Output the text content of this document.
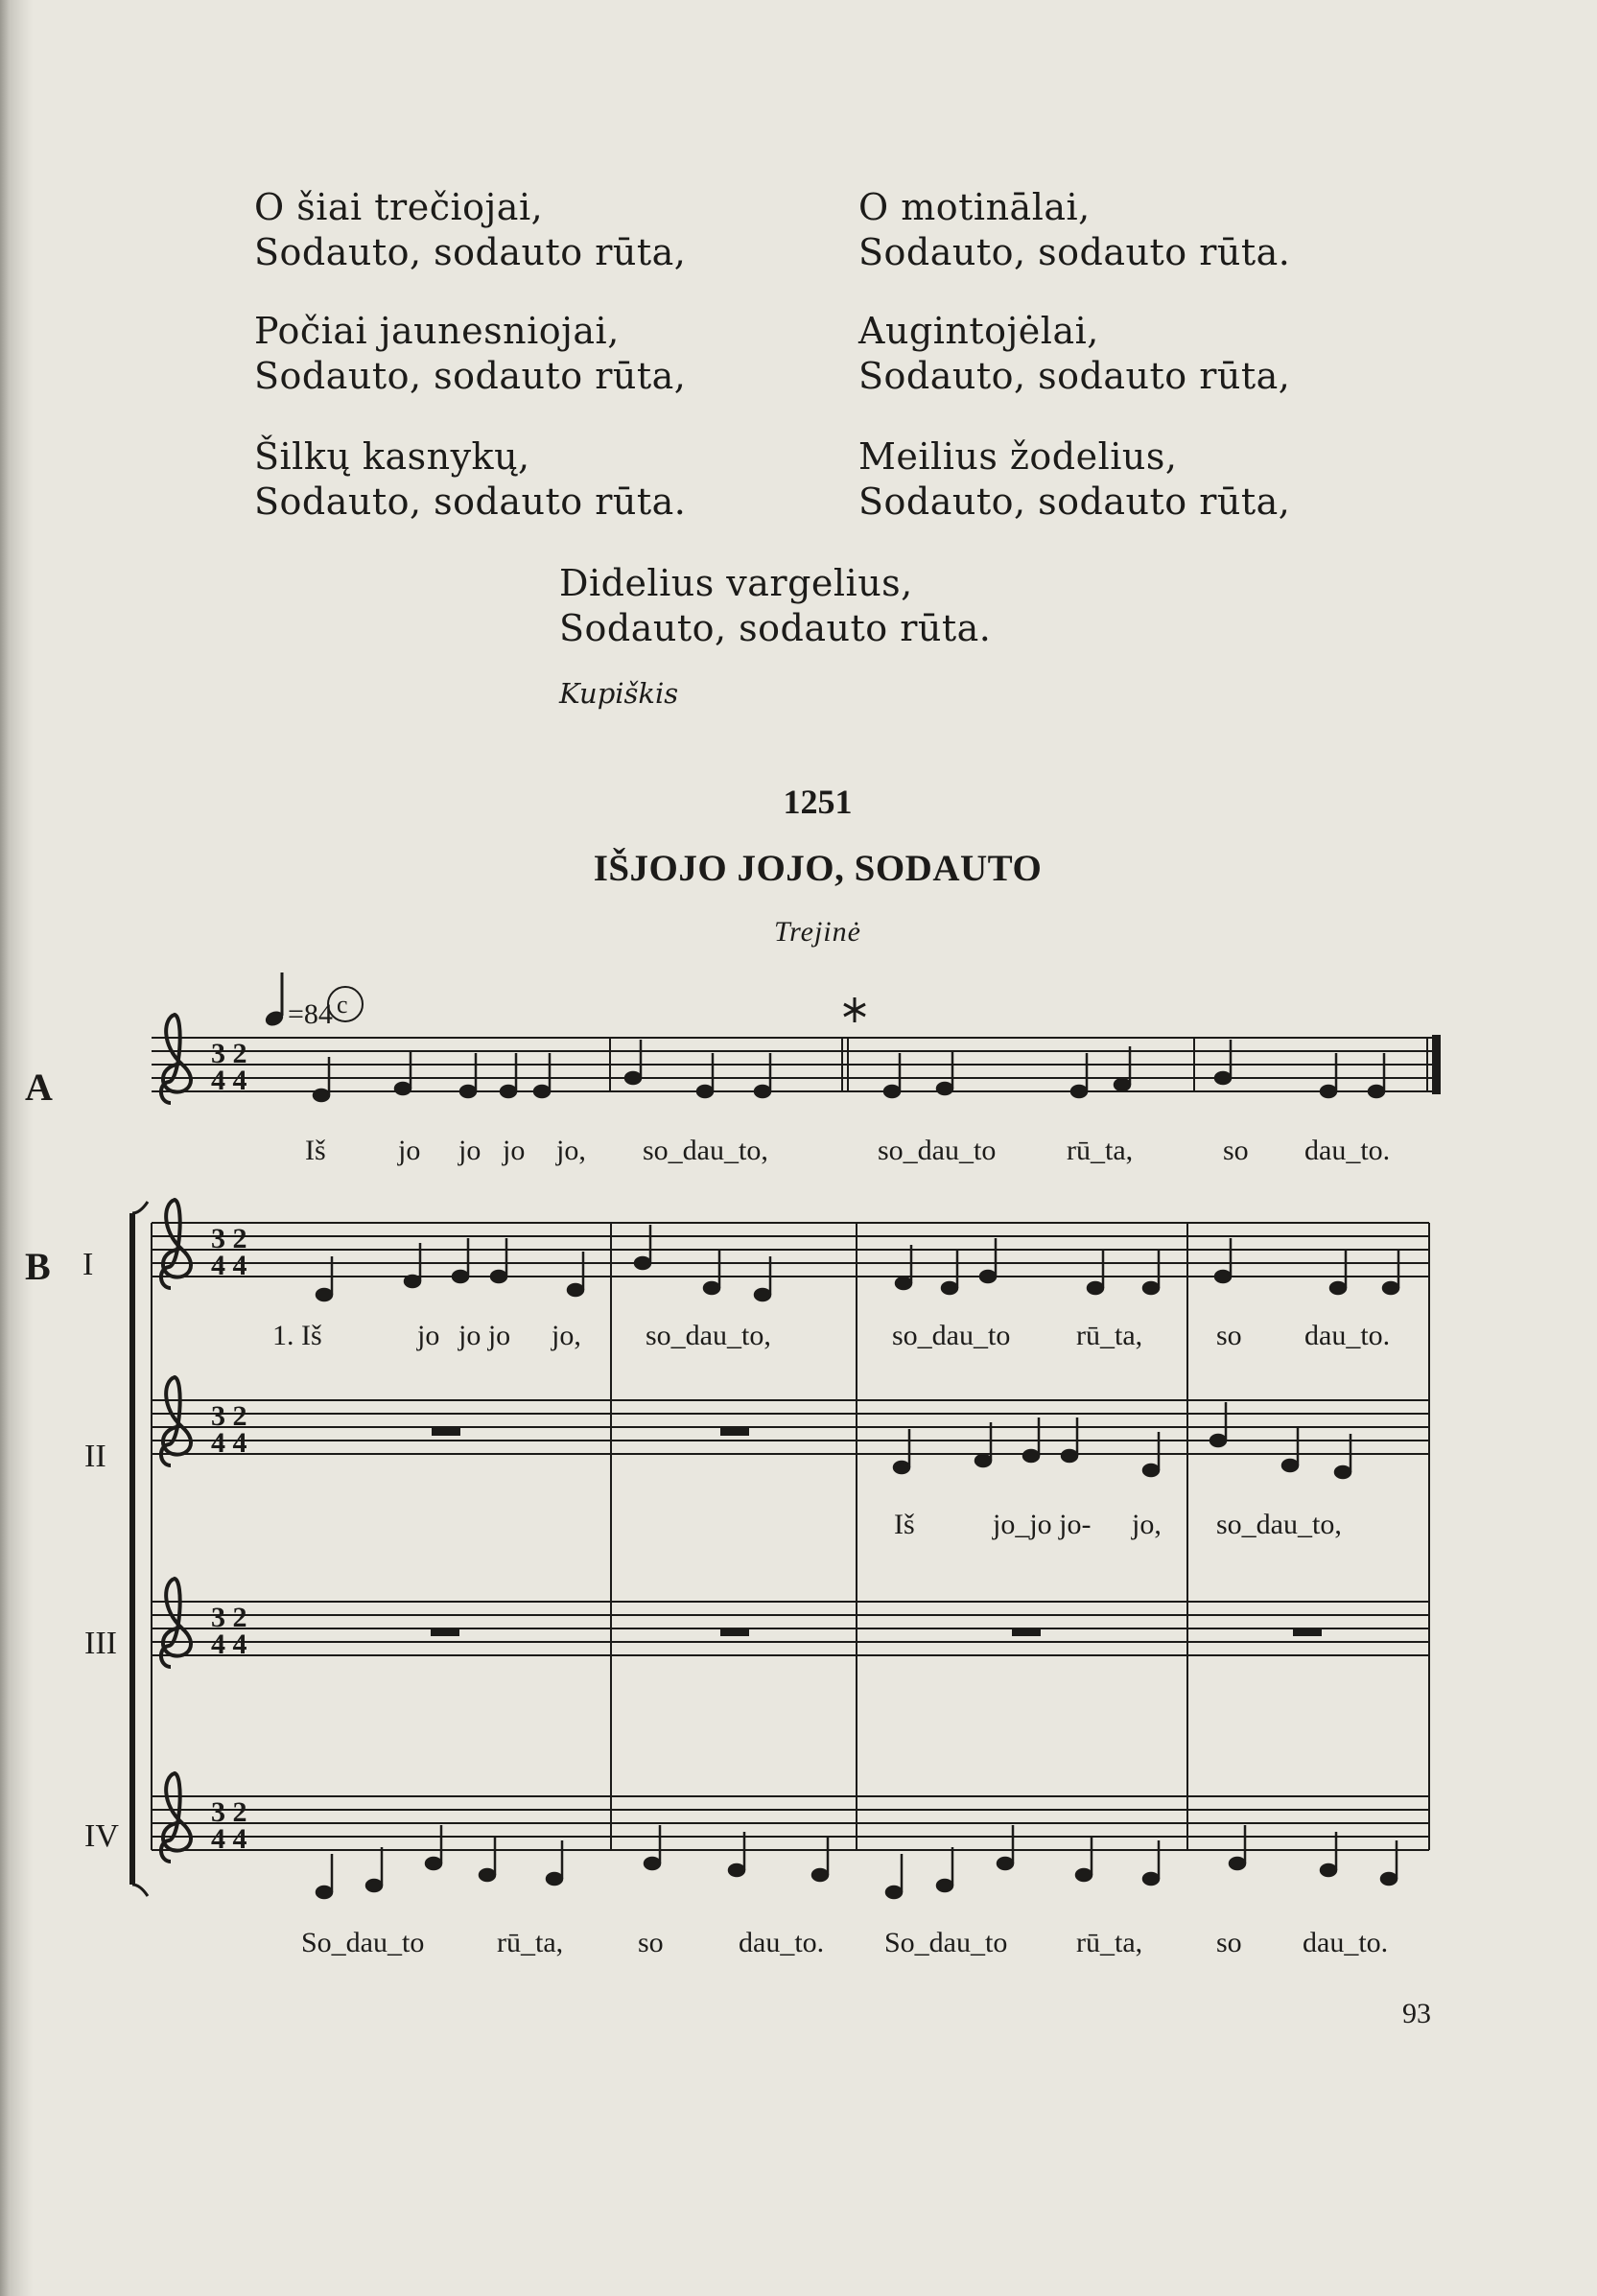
O šiai trečiojai,
Sodauto, sodauto rūta,
Počiai jaunesniojai,
Sodauto, sodauto rūta,
Šilkų kasnykų,
Sodauto, sodauto rūta.
O motinālai,
Sodauto, sodauto rūta.
Augintojėlai,
Sodauto, sodauto rūta,
Meilius žodelius,
Sodauto, sodauto rūta,
Didelius vargelius,
Sodauto, sodauto rūta.
Kupiškis
1251
IŠJOJO JOJO, SODAUTO
Trejinė
3 2
4 4
3 2
4 4
3 2
4 4
3 2
4 4
3 2
4 4
=84 c
A
B I
II
III
IV
Iš	jo jo jo jo, so_dau_to,	so_dau_to rū_ta,	so dau_to.
1. Iš	jo jo jo jo, so_dau_to,	so_dau_to rū_ta,	so dau_to.
Iš	jo_jo jo- jo, so_dau_to,
So_dau_to	rū_ta,	so	dau_to. So_dau_to rū_ta,	so dau_to.
93
